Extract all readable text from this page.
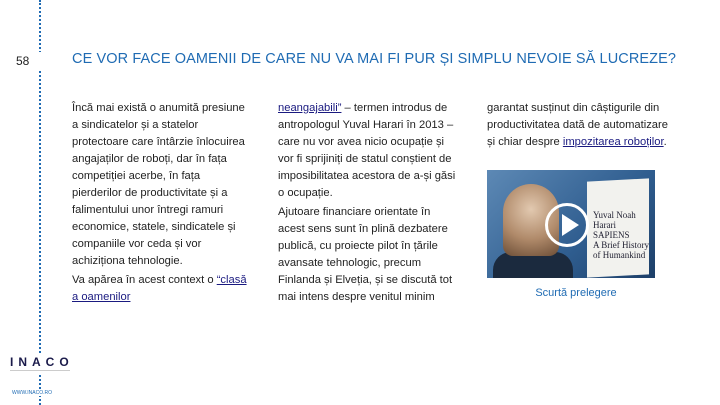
58
INACO
WWW.INACO.RO
CE VOR FACE OAMENII DE CARE NU VA MAI FI PUR ȘI SIMPLU NEVOIE SĂ LUCREZE?

Încă mai există o anumită presiune a sindicatelor și a statelor protectoare care întârzie înlocuirea angajaților de roboți, dar în fața competiției acerbe, în fața pierderilor de productivitate și a falimentului unor întregi ramuri economice, statele, sindicatele și companiile vor ceda și vor achiziționa tehnologie.

Va apărea în acest context o “clasă a oamenilor

neangajabili” – termen introdus de antropologul Yuval Harari în 2013 – care nu vor avea nicio ocupație și vor fi sprijiniți de statul conștient de imposibilitatea acestora de a-și găsi o ocupație.

Ajutoare financiare orientate în acest sens sunt în plină dezbatere publică, cu proiecte pilot în țările avansate tehnologic, precum Finlanda și Elveția, și se discută tot mai intens despre venitul minim

garantat susținut din câștigurile din productivitatea dată de automatizare și chiar despre impozitarea roboților.

Yuval Noah Harari
SAPIENS
A Brief History of Humankind
Scurtă prelegere
